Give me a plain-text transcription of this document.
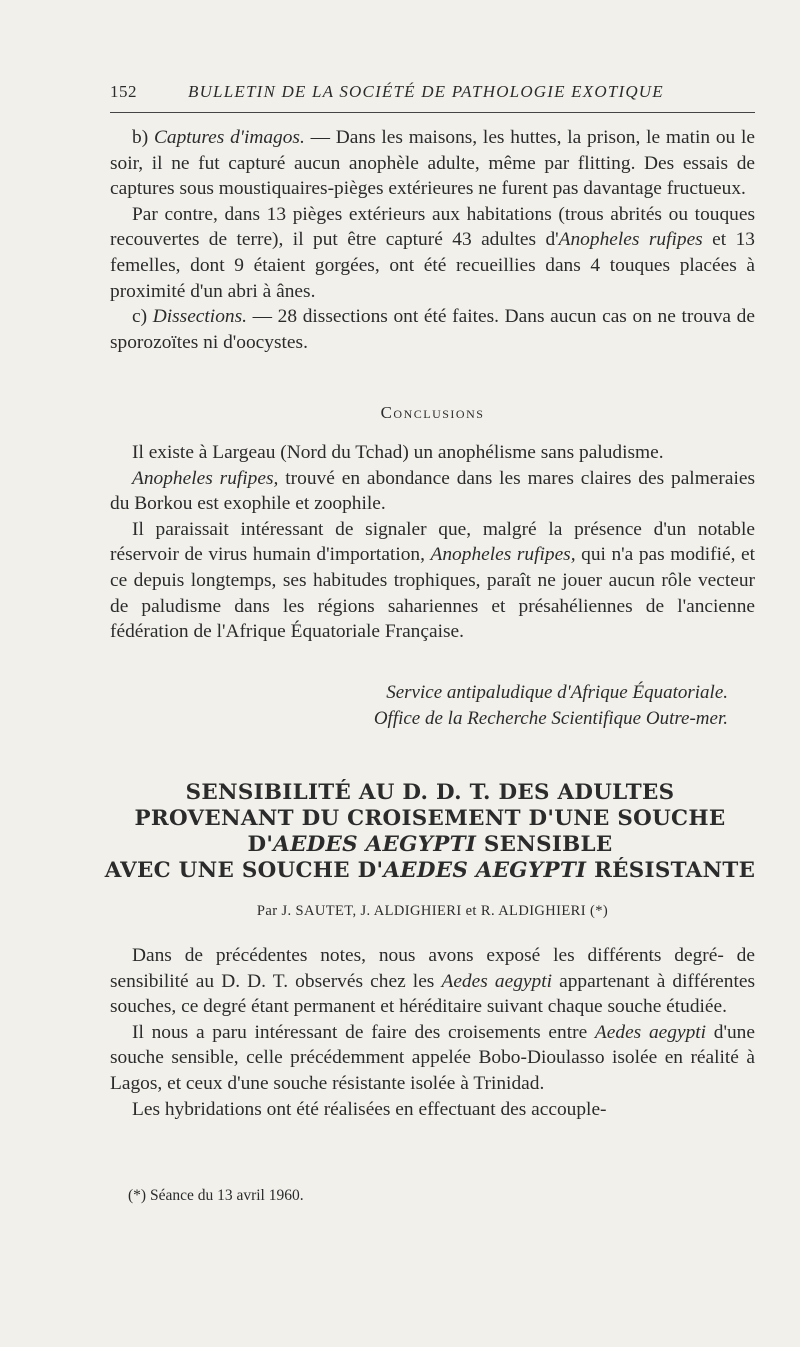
152	BULLETIN DE LA SOCIÉTÉ DE PATHOLOGIE EXOTIQUE

b) Captures d'imagos. — Dans les maisons, les huttes, la prison, le matin ou le soir, il ne fut capturé aucun anophèle adulte, même par flitting. Des essais de captures sous moustiquaires-pièges extérieures ne furent pas davantage fructueux.

Par contre, dans 13 pièges extérieurs aux habitations (trous abrités ou touques recouvertes de terre), il put être capturé 43 adultes d'Anopheles rufipes et 13 femelles, dont 9 étaient gorgées, ont été recueillies dans 4 touques placées à proximité d'un abri à ânes.

c) Dissections. — 28 dissections ont été faites. Dans aucun cas on ne trouva de sporozoïtes ni d'oocystes.

Conclusions

Il existe à Largeau (Nord du Tchad) un anophélisme sans paludisme.

Anopheles rufipes, trouvé en abondance dans les mares claires des palmeraies du Borkou est exophile et zoophile.

Il paraissait intéressant de signaler que, malgré la présence d'un notable réservoir de virus humain d'importation, Anopheles rufipes, qui n'a pas modifié, et ce depuis longtemps, ses habitudes trophiques, paraît ne jouer aucun rôle vecteur de paludisme dans les régions sahariennes et présahéliennes de l'ancienne fédération de l'Afrique Équatoriale Française.

Service antipaludique d'Afrique Équatoriale.
Office de la Recherche Scientifique Outre-mer.
SENSIBILITÉ AU D. D. T. DES ADULTES
PROVENANT DU CROISEMENT D'UNE SOUCHE
D'AEDES AEGYPTI SENSIBLE
AVEC UNE SOUCHE D'AEDES AEGYPTI RÉSISTANTE
Par J. SAUTET, J. ALDIGHIERI et R. ALDIGHIERI (*)

Dans de précédentes notes, nous avons exposé les différents degré- de sensibilité au D. D. T. observés chez les Aedes aegypti appartenant à différentes souches, ce degré étant permanent et héréditaire suivant chaque souche étudiée.

Il nous a paru intéressant de faire des croisements entre Aedes aegypti d'une souche sensible, celle précédemment appelée Bobo-Dioulasso isolée en réalité à Lagos, et ceux d'une souche résistante isolée à Trinidad.

Les hybridations ont été réalisées en effectuant des accouple-

(*) Séance du 13 avril 1960.
